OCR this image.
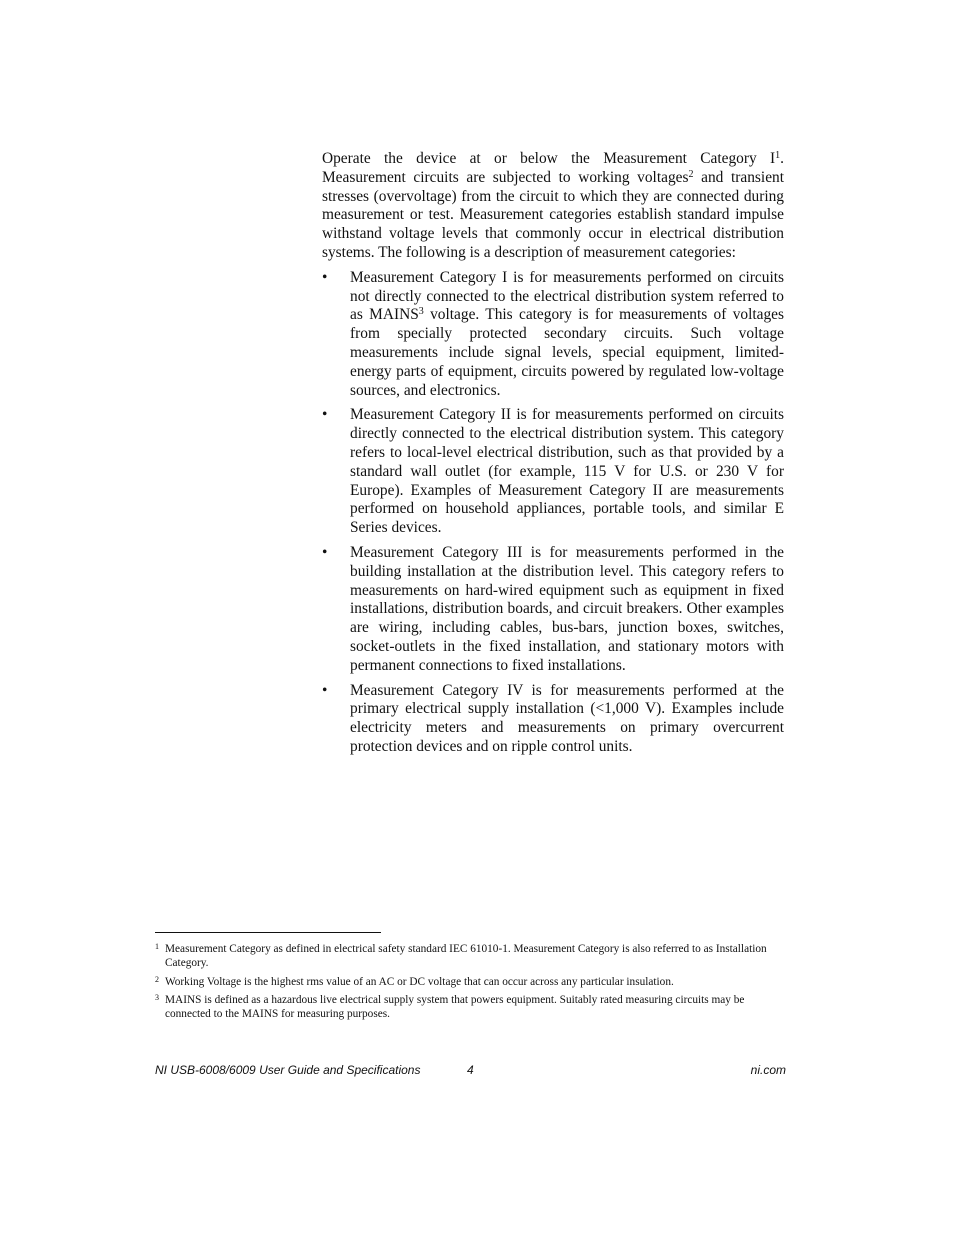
Operate the device at or below the Measurement Category $I^1$. Measurement circuits are subjected to working voltages$^2$ and transient stresses (overvoltage) from the circuit to which they are connected during measurement or test. Measurement categories establish standard impulse withstand voltage levels that commonly occur in electrical distribution systems. The following is a description of measurement categories:

• Measurement Category I is for measurements performed on circuits not directly connected to the electrical distribution system referred to as MAINS$^3$ voltage. This category is for measurements of voltages from specially protected secondary circuits. Such voltage measurements include signal levels, special equipment, limited-energy parts of equipment, circuits powered by regulated low-voltage sources, and electronics.
• Measurement Category II is for measurements performed on circuits directly connected to the electrical distribution system. This category refers to local-level electrical distribution, such as that provided by a standard wall outlet (for example, 115 V for U.S. or 230 V for Europe). Examples of Measurement Category II are measurements performed on household appliances, portable tools, and similar E Series devices.
• Measurement Category III is for measurements performed in the building installation at the distribution level. This category refers to measurements on hard-wired equipment such as equipment in fixed installations, distribution boards, and circuit breakers. Other examples are wiring, including cables, bus-bars, junction boxes, switches, socket-outlets in the fixed installation, and stationary motors with permanent connections to fixed installations.
• Measurement Category IV is for measurements performed at the primary electrical supply installation (<1,000 V). Examples include electricity meters and measurements on primary overcurrent protection devices and on ripple control units.
1 Measurement Category as defined in electrical safety standard IEC 61010-1. Measurement Category is also referred to as Installation Category.
2 Working Voltage is the highest rms value of an AC or DC voltage that can occur across any particular insulation.
3 MAINS is defined as a hazardous live electrical supply system that powers equipment. Suitably rated measuring circuits may be connected to the MAINS for measuring purposes.
NI USB-6008/6009 User Guide and Specifications	4	ni.com
